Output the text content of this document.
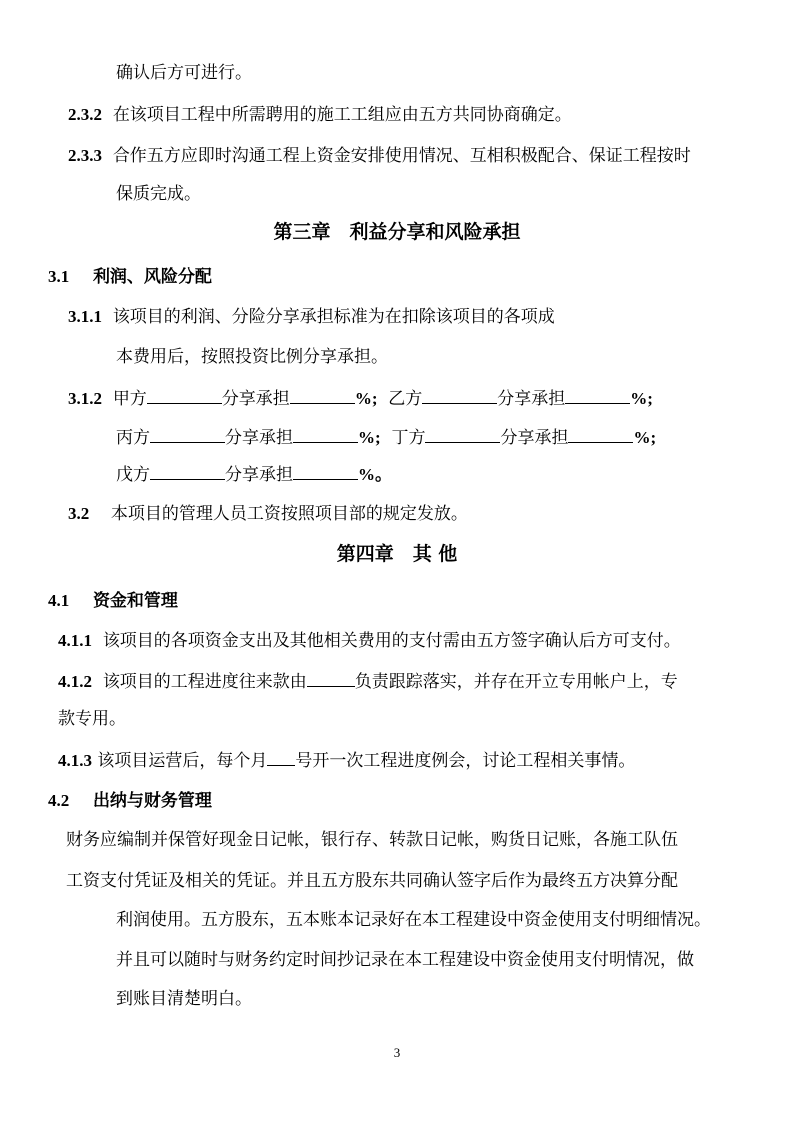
确认后方可进行。
2.3.2 在该项目工程中所需聘用的施工工组应由五方共同协商确定。
2.3.3 合作五方应即时沟通工程上资金安排使用情况、互相积极配合、保证工程按时
保质完成。
第三章　利益分享和风险承担
3.1 利润、风险分配
3.1.1 该项目的利润、分险分享承担标准为在扣除该项目的各项成
本费用后，按照投资比例分享承担。
3.1.2 甲方	分享承担	%; 乙方	分享承担	%;
丙方	分享承担	%; 丁方	分享承担	%;
戊方	分享承担	%。
3.2 本项目的管理人员工资按照项目部的规定发放。
第四章　其 他
4.1 资金和管理
4.1.1 该项目的各项资金支出及其他相关费用的支付需由五方签字确认后方可支付。
4.1.2 该项目的工程进度往来款由	负责跟踪落实，并存在开立专用帐户上，专
款专用。
4.1.3 该项目运营后，每个月 号开一次工程进度例会，讨论工程相关事情。
4.2 出纳与财务管理
财务应编制并保管好现金日记帐，银行存、转款日记帐，购货日记账，各施工队伍
工资支付凭证及相关的凭证。并且五方股东共同确认签字后作为最终五方决算分配
利润使用。五方股东，五本账本记录好在本工程建设中资金使用支付明细情况。
并且可以随时与财务约定时间抄记录在本工程建设中资金使用支付明情况，做
到账目清楚明白。
3
